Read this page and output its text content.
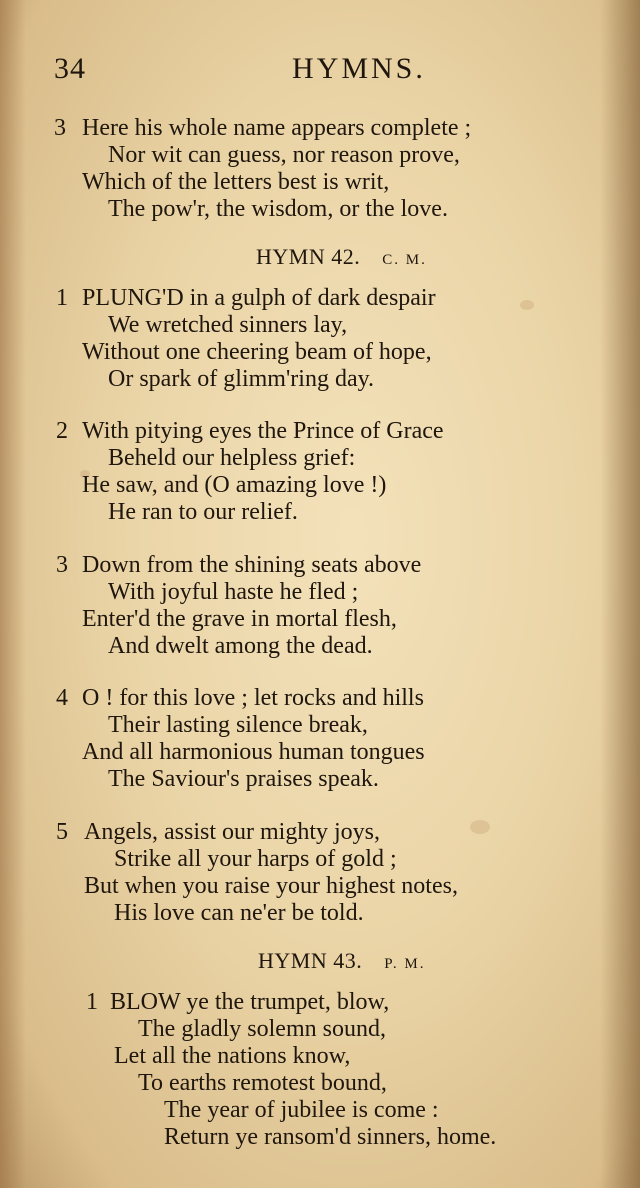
34	HYMNS.
3 Here his whole name appears complete ;
Nor wit can guess, nor reason prove,
Which of the letters best is writ,
The pow'r, the wisdom, or the love.
HYMN 42. C. M.
1 PLUNG'D in a gulph of dark despair
We wretched sinners lay,
Without one cheering beam of hope,
Or spark of glimm'ring day.
2 With pitying eyes the Prince of Grace
Beheld our helpless grief:
He saw, and (O amazing love !)
He ran to our relief.
3 Down from the shining seats above
With joyful haste he fled ;
Enter'd the grave in mortal flesh,
And dwelt among the dead.
4 O ! for this love ; let rocks and hills
Their lasting silence break,
And all harmonious human tongues
The Saviour's praises speak.
5 Angels, assist our mighty joys,
Strike all your harps of gold ;
But when you raise your highest notes,
His love can ne'er be told.
HYMN 43. P. M.
1 BLOW ye the trumpet, blow,
The gladly solemn sound,
Let all the nations know,
To earths remotest bound,
The year of jubilee is come :
Return ye ransom'd sinners, home.
